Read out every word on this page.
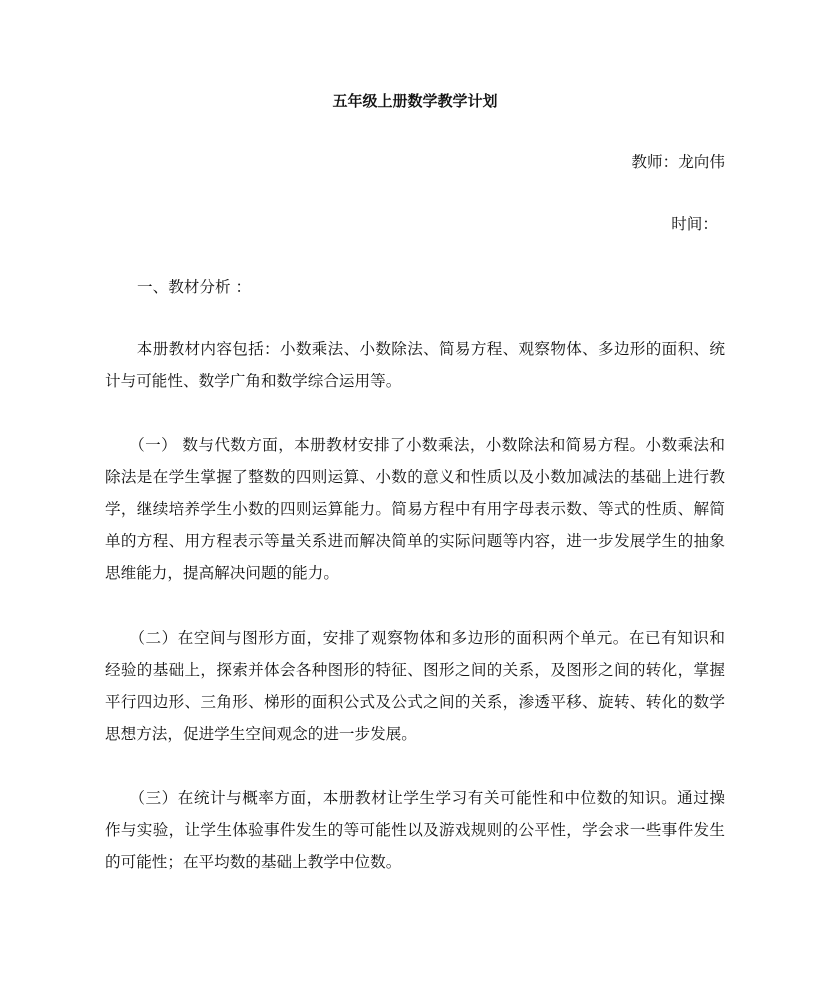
五年级上册数学教学计划
教师：龙向伟
时间：
一、教材分析 ：
　　本册教材内容包括：小数乘法、小数除法、简易方程、观察物体、多边形的面积、统
计与可能性、数学广角和数学综合运用等。
　　（一） 数与代数方面，本册教材安排了小数乘法，小数除法和简易方程。小数乘法和
除法是在学生掌握了整数的四则运算、小数的意义和性质以及小数加减法的基础上进行教
学，继续培养学生小数的四则运算能力。简易方程中有用字母表示数、等式的性质、解简
单的方程、用方程表示等量关系进而解决简单的实际问题等内容，进一步发展学生的抽象
思维能力，提高解决问题的能力。
　　（二）在空间与图形方面，安排了观察物体和多边形的面积两个单元。在已有知识和
经验的基础上，探索并体会各种图形的特征、图形之间的关系，及图形之间的转化，掌握
平行四边形、三角形、梯形的面积公式及公式之间的关系，渗透平移、旋转、转化的数学
思想方法，促进学生空间观念的进一步发展。
　　（三）在统计与概率方面，本册教材让学生学习有关可能性和中位数的知识。通过操
作与实验，让学生体验事件发生的等可能性以及游戏规则的公平性，学会求一些事件发生
的可能性；在平均数的基础上教学中位数。
